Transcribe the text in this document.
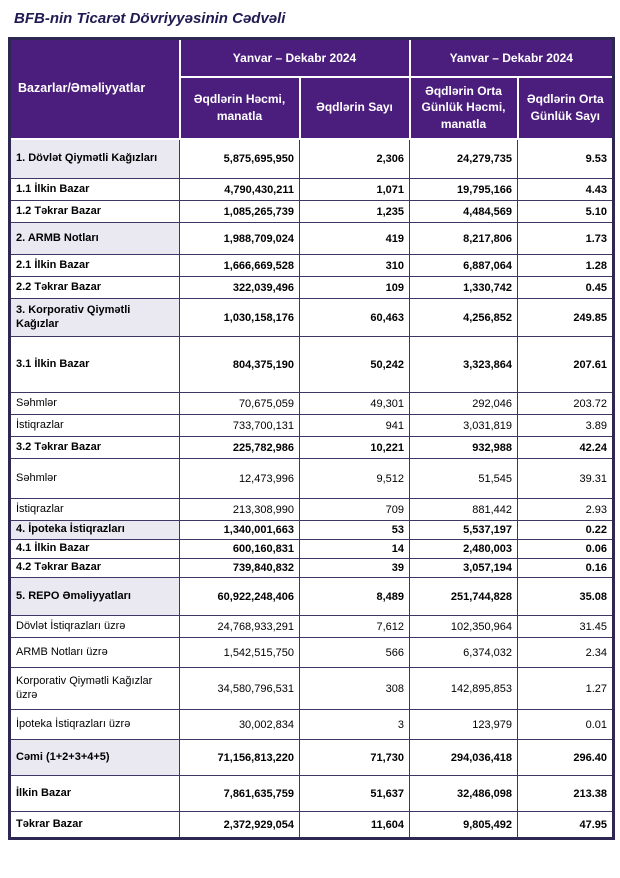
BFB-nin Ticarət Dövriyyəsinin Cədvəli
Bazarlar/Əməliyyatlar	Yanvar – Dekabr 2024		Yanvar – Dekabr 2024	
	Əqdlərin Həcmi, manatla	Əqdlərin Sayı	Əqdlərin Orta Günlük Həcmi, manatla	Əqdlərin Orta Günlük Sayı
1. Dövlət Qiymətli Kağızları	5,875,695,950	2,306	24,279,735	9.53
1.1 İlkin Bazar	4,790,430,211	1,071	19,795,166	4.43
1.2 Təkrar Bazar	1,085,265,739	1,235	4,484,569	5.10
2. ARMB Notları	1,988,709,024	419	8,217,806	1.73
2.1 İlkin Bazar	1,666,669,528	310	6,887,064	1.28
2.2 Təkrar Bazar	322,039,496	109	1,330,742	0.45
3. Korporativ Qiymətli Kağızlar	1,030,158,176	60,463	4,256,852	249.85
3.1 İlkin Bazar	804,375,190	50,242	3,323,864	207.61
Səhmlər	70,675,059	49,301	292,046	203.72
İstiqrazlar	733,700,131	941	3,031,819	3.89
3.2 Təkrar Bazar	225,782,986	10,221	932,988	42.24
Səhmlər	12,473,996	9,512	51,545	39.31
İstiqrazlar	213,308,990	709	881,442	2.93
4. İpoteka İstiqrazları	1,340,001,663	53	5,537,197	0.22
4.1 İlkin Bazar	600,160,831	14	2,480,003	0.06
4.2 Təkrar Bazar	739,840,832	39	3,057,194	0.16
5. REPO Əməliyyatları	60,922,248,406	8,489	251,744,828	35.08
Dövlət İstiqrazları üzrə	24,768,933,291	7,612	102,350,964	31.45
ARMB Notları üzrə	1,542,515,750	566	6,374,032	2.34
Korporativ Qiymətli Kağızlar üzrə	34,580,796,531	308	142,895,853	1.27
İpoteka İstiqrazları üzrə	30,002,834	3	123,979	0.01
Cəmi (1+2+3+4+5)	71,156,813,220	71,730	294,036,418	296.40
İlkin Bazar	7,861,635,759	51,637	32,486,098	213.38
Təkrar Bazar	2,372,929,054	11,604	9,805,492	47.95
